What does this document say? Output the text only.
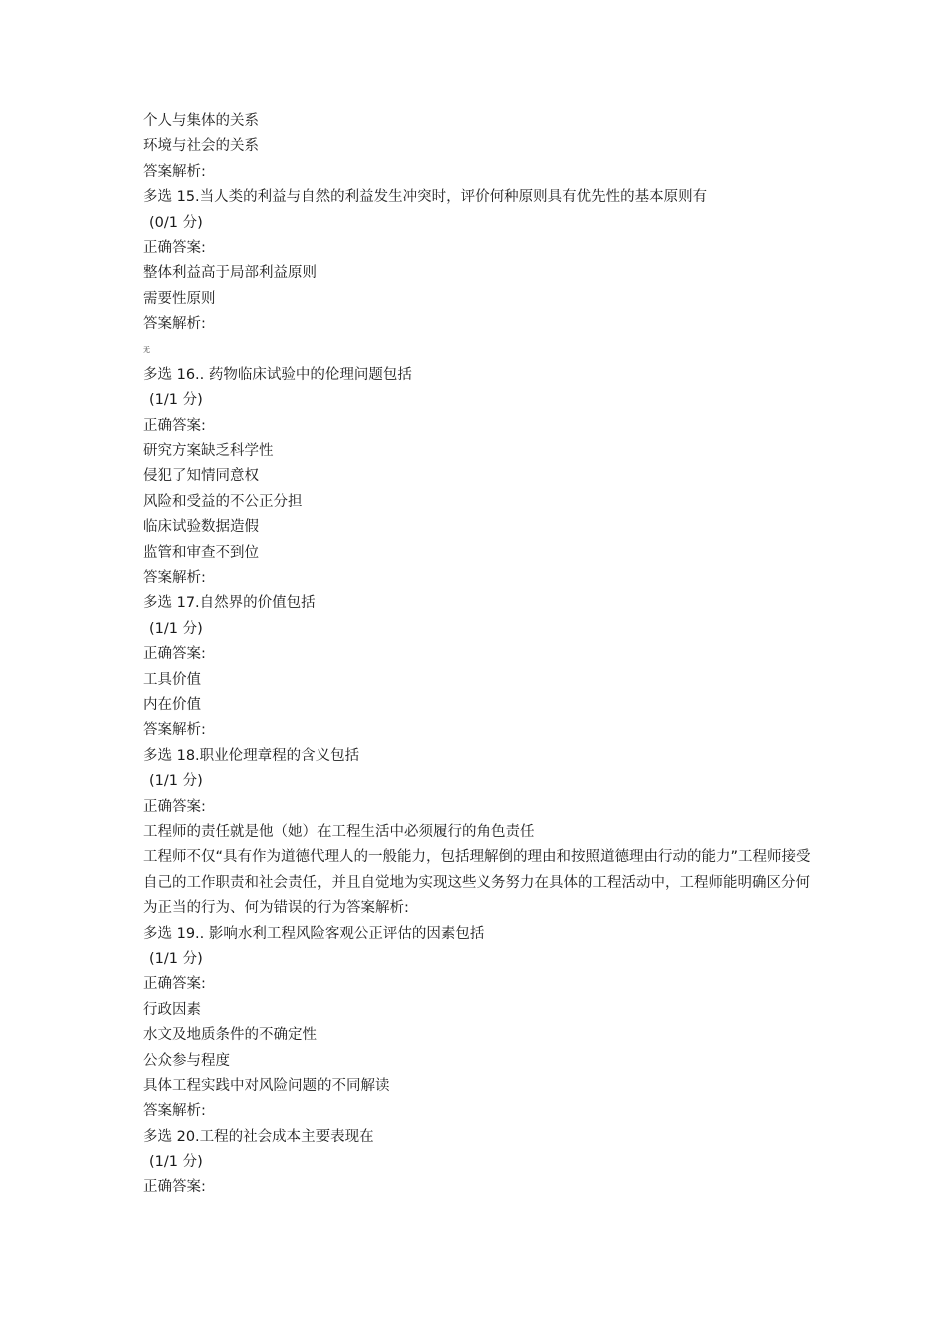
个人与集体的关系
环境与社会的关系
答案解析:
多选 15.当人类的利益与自然的利益发生冲突时，评价何种原则具有优先性的基本原则有
(0/1 分)
正确答案:
整体利益高于局部利益原则
需要性原则
答案解析:
无
多选 16.. 药物临床试验中的伦理问题包括
(1/1 分)
正确答案:
研究方案缺乏科学性
侵犯了知情同意权
风险和受益的不公正分担
临床试验数据造假
监管和审查不到位
答案解析:
多选 17.自然界的价值包括
(1/1 分)
正确答案:
工具价值
内在价值
答案解析:
多选 18.职业伦理章程的含义包括
(1/1 分)
正确答案:
工程师的责任就是他（她）在工程生活中必须履行的角色责任
工程师不仅“具有作为道德代理人的一般能力，包括理解倒的理由和按照道德理由行动的能力”工程师接受自己的工作职责和社会责任，并且自觉地为实现这些义务努力在具体的工程活动中，工程师能明确区分何为正当的行为、何为错误的行为答案解析:
多选 19.. 影响水利工程风险客观公正评估的因素包括
(1/1 分)
正确答案:
行政因素
水文及地质条件的不确定性
公众参与程度
具体工程实践中对风险问题的不同解读
答案解析:
多选 20.工程的社会成本主要表现在
(1/1 分)
正确答案:
